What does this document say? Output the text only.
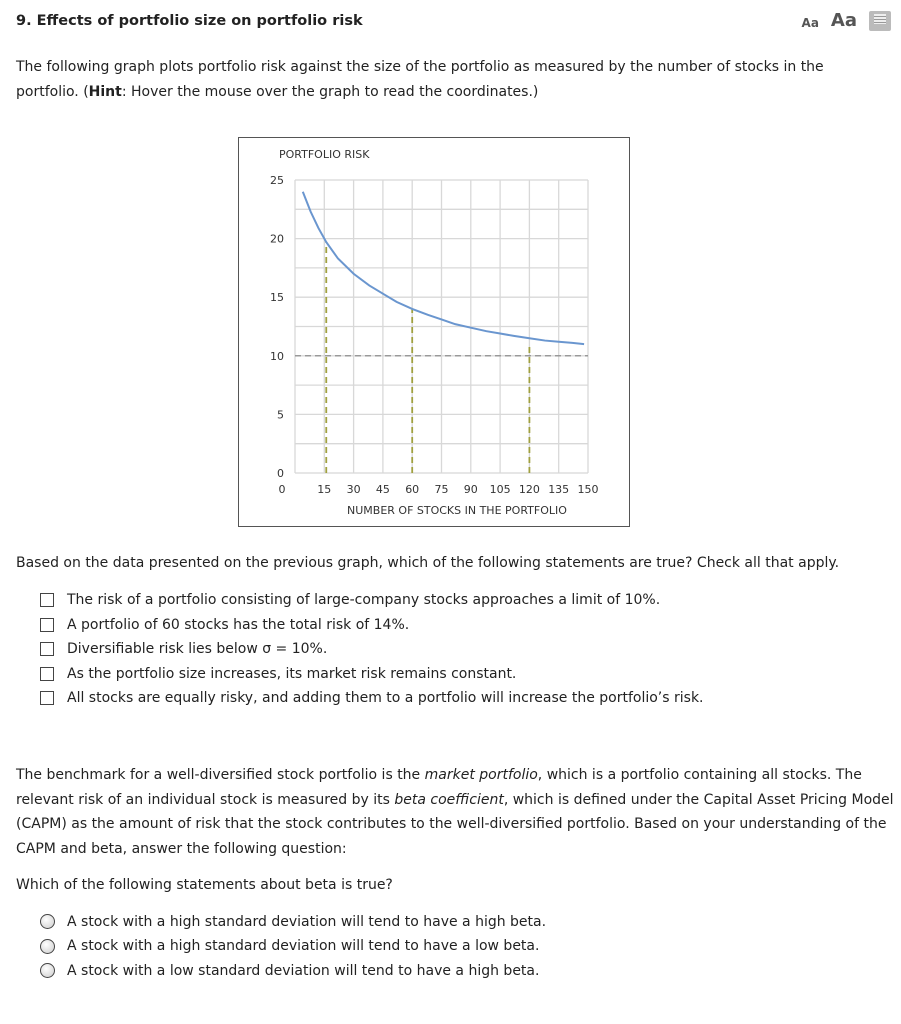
9. Effects of portfolio size on portfolio risk	Aa Aa

The following graph plots portfolio risk against the size of the portfolio as measured by the number of stocks in the portfolio. (Hint: Hover the mouse over the graph to read the coordinates.)

PORTFOLIO RISK
NUMBER OF STOCKS IN THE PORTFOLIO
0	15 30 45 60 75 90 105 120 135 150
0
5
10
15
20
25

Based on the data presented on the previous graph, which of the following statements are true? Check all that apply.

The risk of a portfolio consisting of large-company stocks approaches a limit of 10%.
A portfolio of 60 stocks has the total risk of 14%.
Diversifiable risk lies below σ = 10%.
As the portfolio size increases, its market risk remains constant.
All stocks are equally risky, and adding them to a portfolio will increase the portfolio’s risk.

The benchmark for a well-diversified stock portfolio is the market portfolio, which is a portfolio containing all stocks. The relevant risk of an individual stock is measured by its beta coefficient, which is defined under the Capital Asset Pricing Model (CAPM) as the amount of risk that the stock contributes to the well-diversified portfolio. Based on your understanding of the CAPM and beta, answer the following question:

Which of the following statements about beta is true?

A stock with a high standard deviation will tend to have a high beta.
A stock with a high standard deviation will tend to have a low beta.
A stock with a low standard deviation will tend to have a high beta.
